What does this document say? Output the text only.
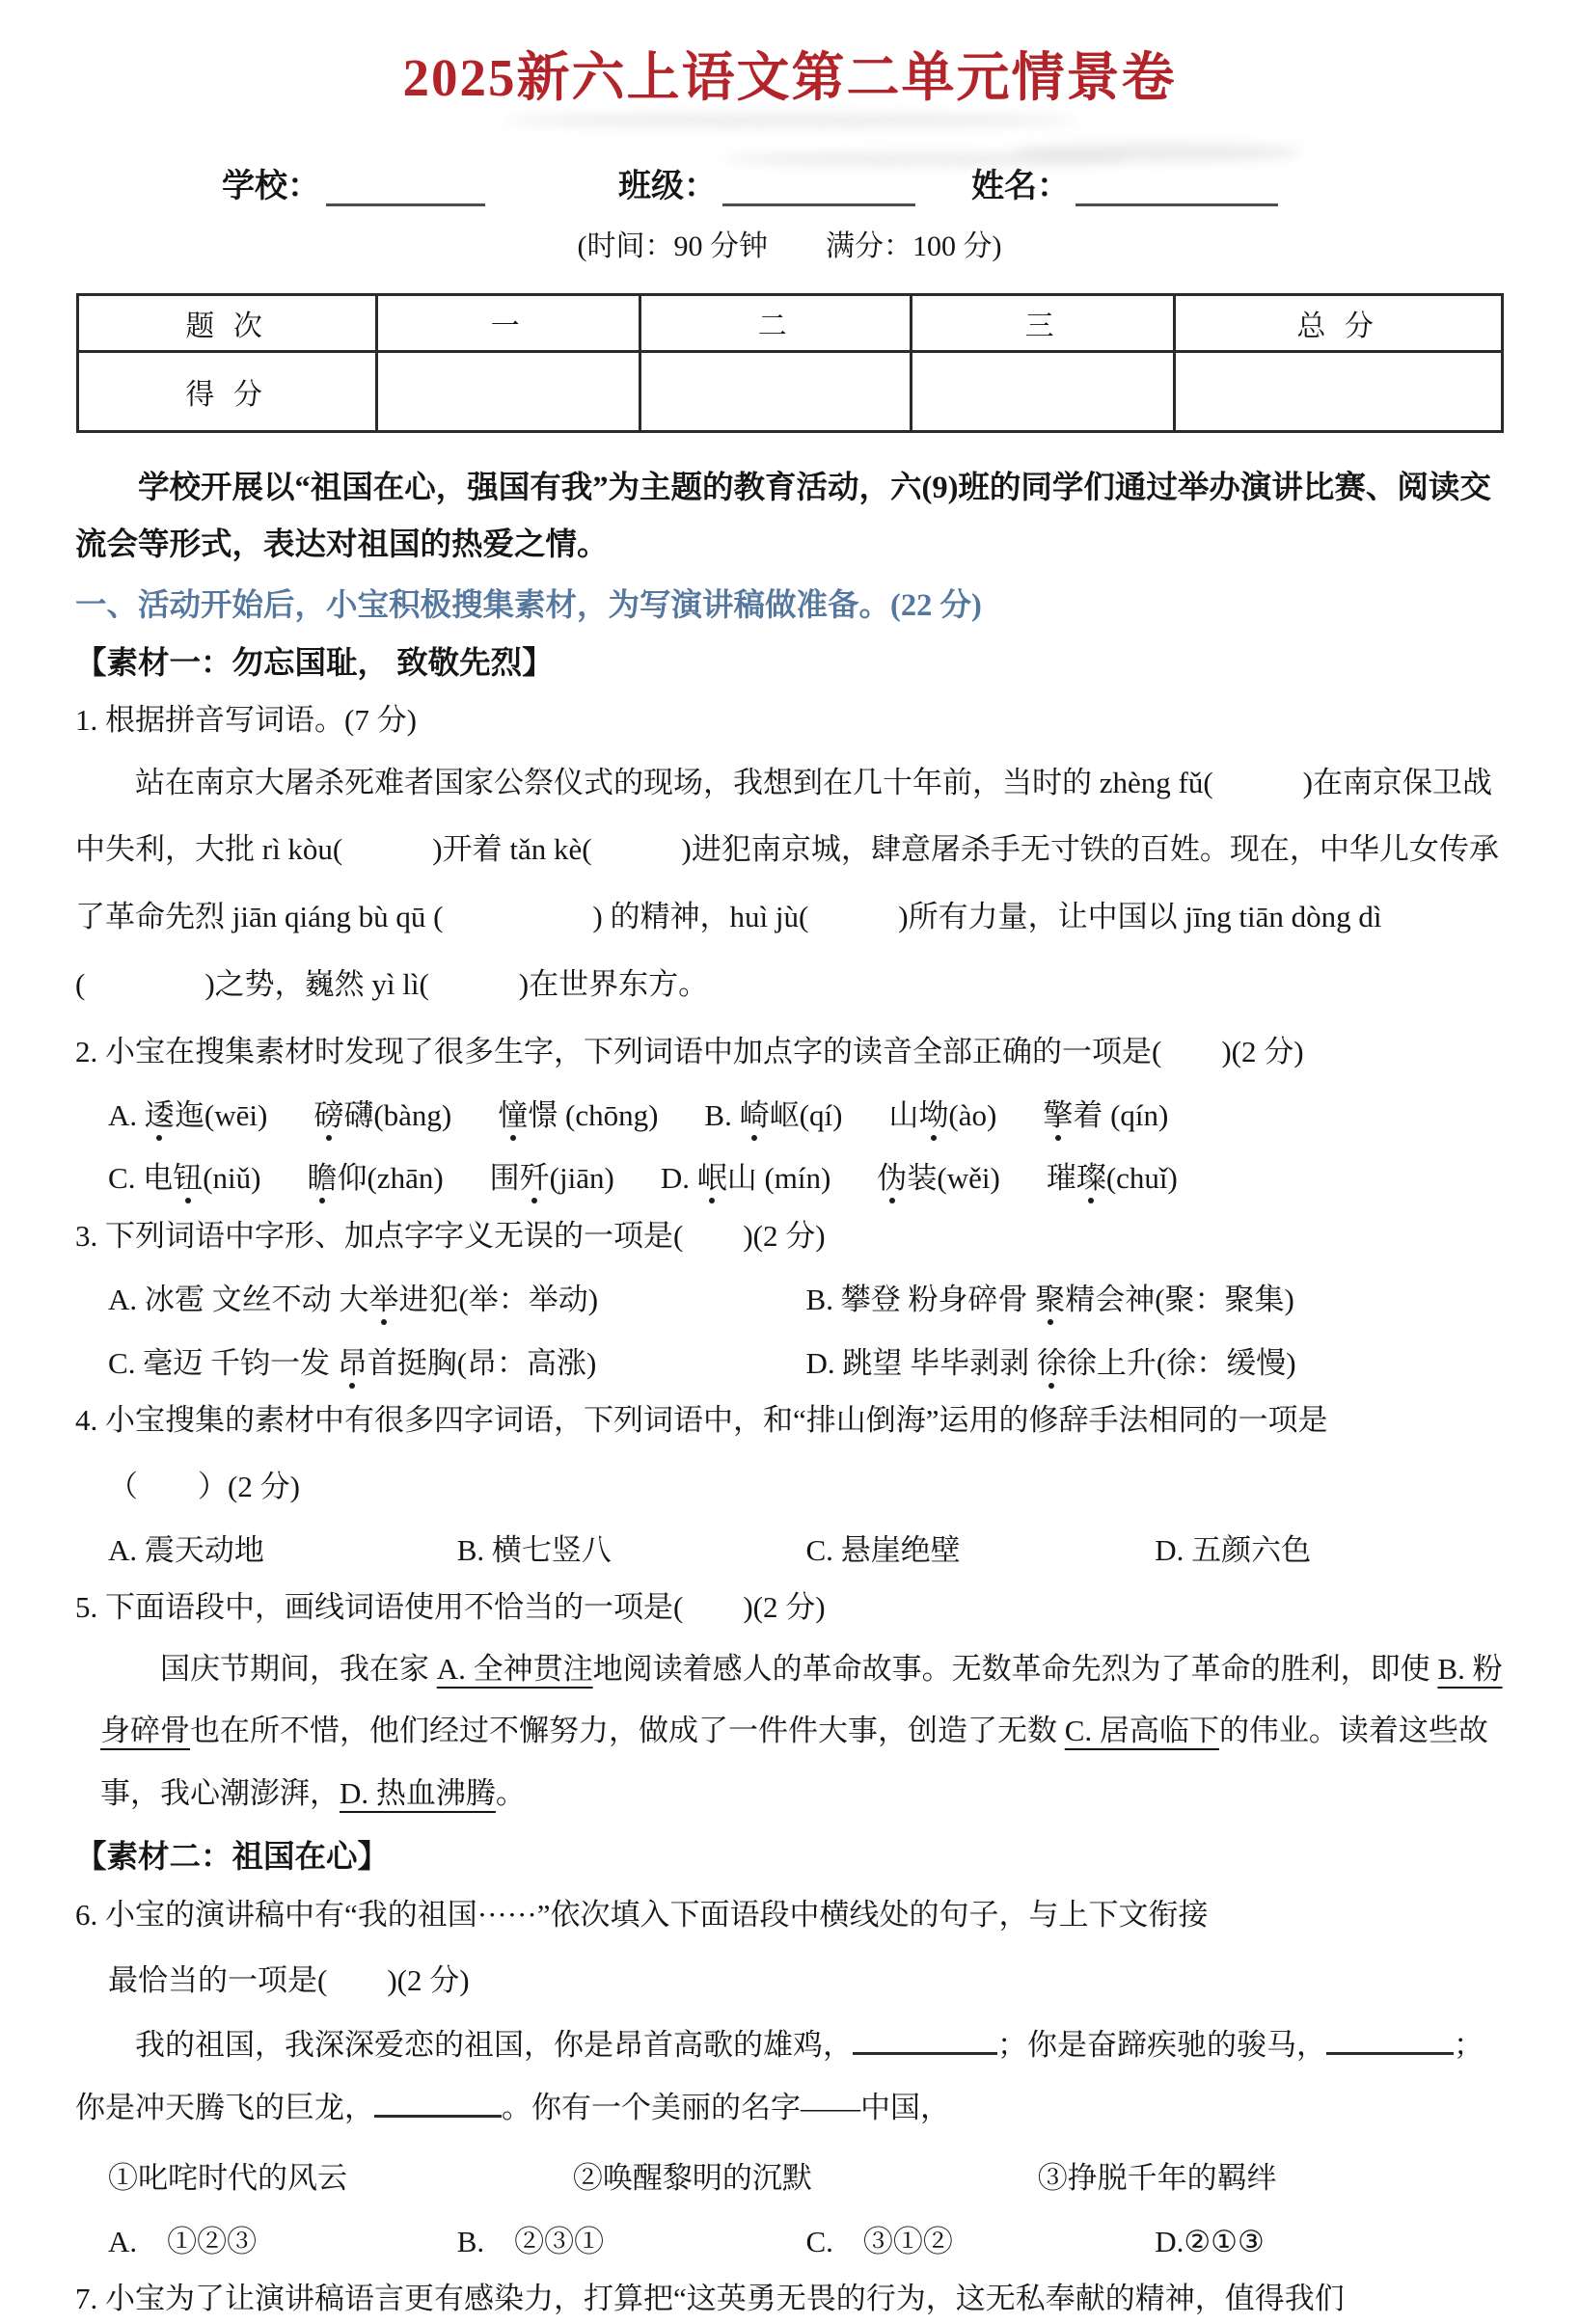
2025新六上语文第二单元情景卷
学校：	班级：	姓名：
(时间：90 分钟　　满分：100 分)
题 次	一	二	三	总 分
得 分				

学校开展以“祖国在心，强国有我”为主题的教育活动，六(9)班的同学们通过举办演讲比赛、阅读交流会等形式，表达对祖国的热爱之情。

一、活动开始后，小宝积极搜集素材，为写演讲稿做准备。(22 分)

【素材一：勿忘国耻， 致敬先烈】

1. 根据拼音写词语。(7 分)

站在南京大屠杀死难者国家公祭仪式的现场，我想到在几十年前，当时的 zhèng fǔ(　　　)在南京保卫战中失利，大批 rì kòu(　　　)开着 tǎn kè(　　　)进犯南京城，肆意屠杀手无寸铁的百姓。现在，中华儿女传承了革命先烈 jiān qiáng bù qū (　　　　　) 的精神，huì jù(　　　)所有力量，让中国以 jīng tiān dòng dì (　　　　)之势，巍然 yì lì(　　　)在世界东方。

2. 小宝在搜集素材时发现了很多生字，下列词语中加点字的读音全部正确的一项是(　　)(2 分)

A. 逶迤(wēi) 磅礴(bàng) 憧憬 (chōng) B. 崎岖(qí) 山坳(ào) 擎着 (qín)
C. 电钮(niǔ) 瞻仰(zhān) 围歼(jiān) D. 岷山 (mín) 伪装(wěi) 璀璨(chuǐ)

3. 下列词语中字形、加点字字义无误的一项是(　　)(2 分)

A. 冰雹 文丝不动 大举进犯(举：举动)	B. 攀登 粉身碎骨 聚精会神(聚：聚集)
C. 毫迈 千钧一发 昂首挺胸(昂：高涨)	D. 跳望 毕毕剥剥 徐徐上升(徐：缓慢)

4. 小宝搜集的素材中有很多四字词语，下列词语中，和“排山倒海”运用的修辞手法相同的一项是

（　　）(2 分)

A. 震天动地	B. 横七竖八	C. 悬崖绝壁	D. 五颜六色

5. 下面语段中，画线词语使用不恰当的一项是(　　)(2 分)

国庆节期间，我在家 A. 全神贯注地阅读着感人的革命故事。无数革命先烈为了革命的胜利，即使 B. 粉身碎骨也在所不惜，他们经过不懈努力，做成了一件件大事，创造了无数 C. 居高临下的伟业。读着这些故事，我心潮澎湃，D. 热血沸腾。

【素材二：祖国在心】

6. 小宝的演讲稿中有“我的祖国······”依次填入下面语段中横线处的句子，与上下文衔接

最恰当的一项是(　　)(2 分)

我的祖国，我深深爱恋的祖国，你是昂首高歌的雄鸡，	；你是奋蹄疾驰的骏马，	；你是冲天腾飞的巨龙，	。你有一个美丽的名字——中国，

①叱咤时代的风云	②唤醒黎明的沉默	③挣脱千年的羁绊
A.　①②③	B.　②③①	C.　③①②	D.②①③

7. 小宝为了让演讲稿语言更有感染力，打算把“这英勇无畏的行为，这无私奉献的精神，值得我们
